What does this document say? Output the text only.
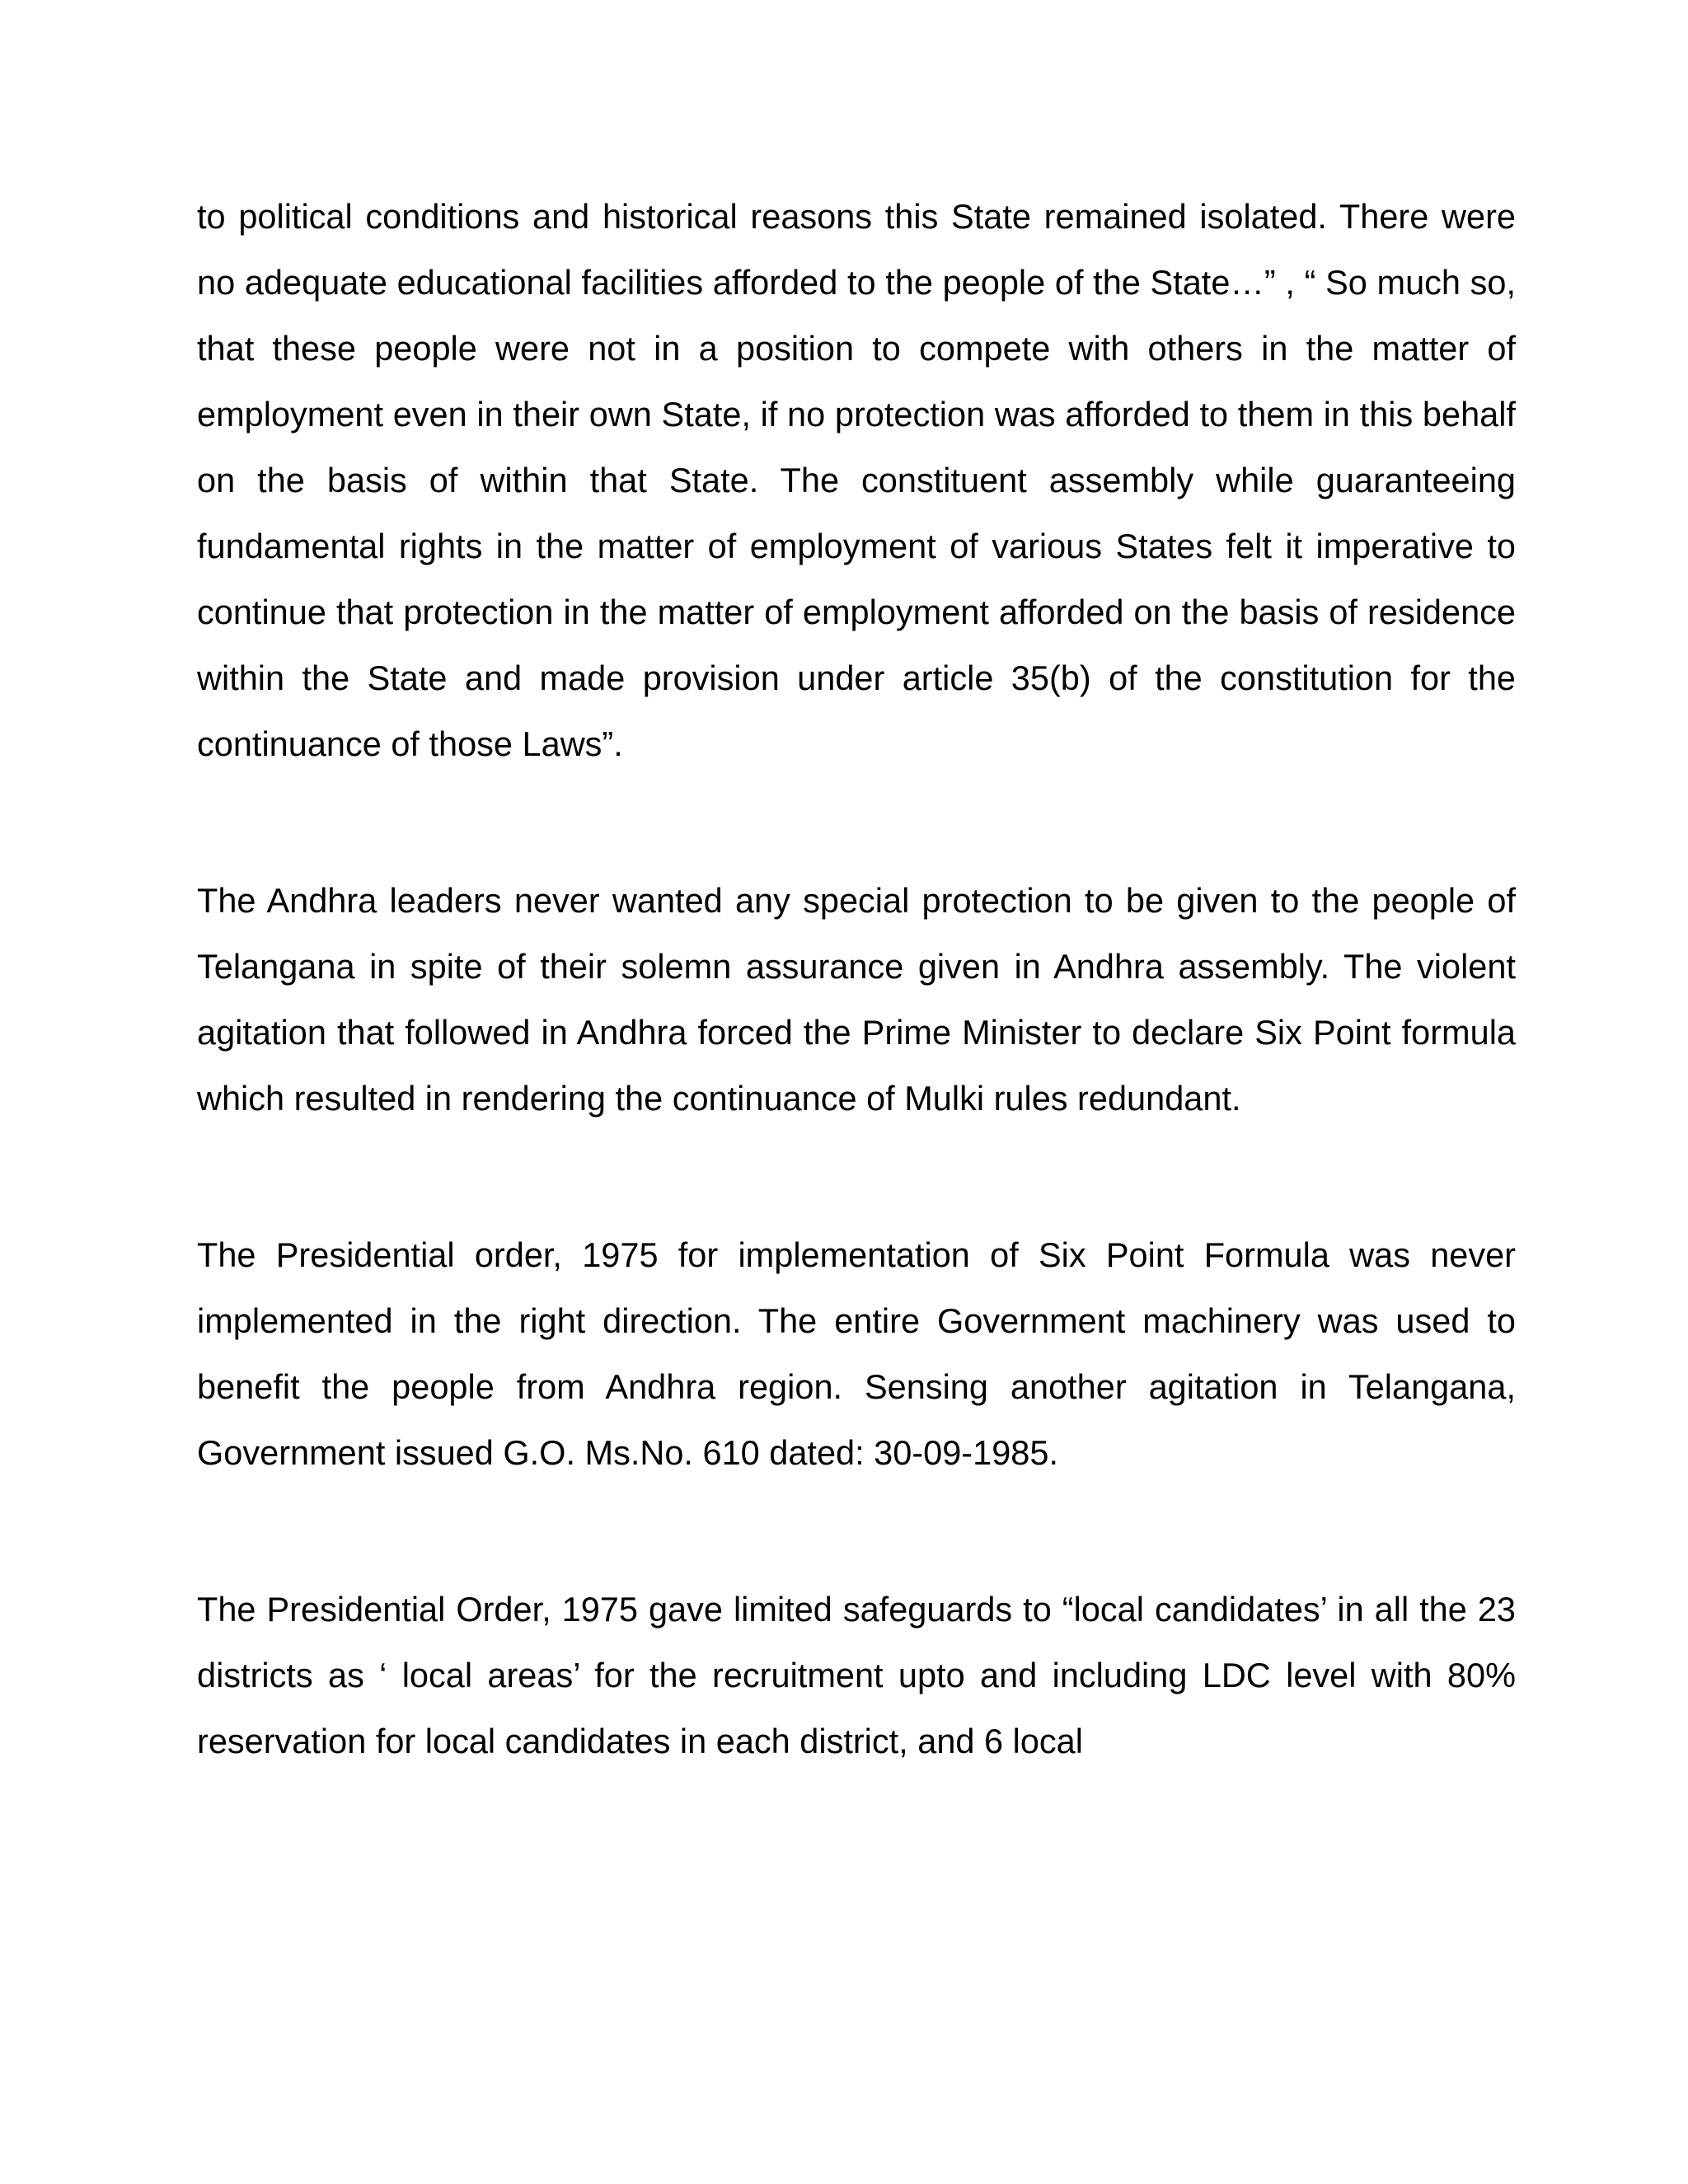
to political conditions and historical reasons this State remained isolated. There were no adequate educational facilities afforded to the people of the State…” , “ So much so, that these people were not in a position to compete with others in the matter of employment even in their own State, if no protection was afforded to them in this behalf on the basis of within that State. The constituent assembly while guaranteeing fundamental rights in the matter of employment of various States felt it imperative to continue that protection in the matter of employment afforded on the basis of residence within the State and made provision under article 35(b) of the constitution for the continuance of those Laws”.

The Andhra leaders never wanted any special protection to be given to the people of Telangana in spite of their solemn assurance given in Andhra assembly. The violent agitation that followed in Andhra forced the Prime Minister to declare Six Point formula which resulted in rendering the continuance of Mulki rules redundant.

The Presidential order, 1975 for implementation of Six Point Formula was never implemented in the right direction. The entire Government machinery was used to benefit the people from Andhra region. Sensing another agitation in Telangana, Government issued G.O. Ms.No. 610 dated: 30-09-1985.

The Presidential Order, 1975 gave limited safeguards to “local candidates’ in all the 23 districts as ‘ local areas’ for the recruitment upto and including LDC level with 80% reservation for local candidates in each district, and 6 local
